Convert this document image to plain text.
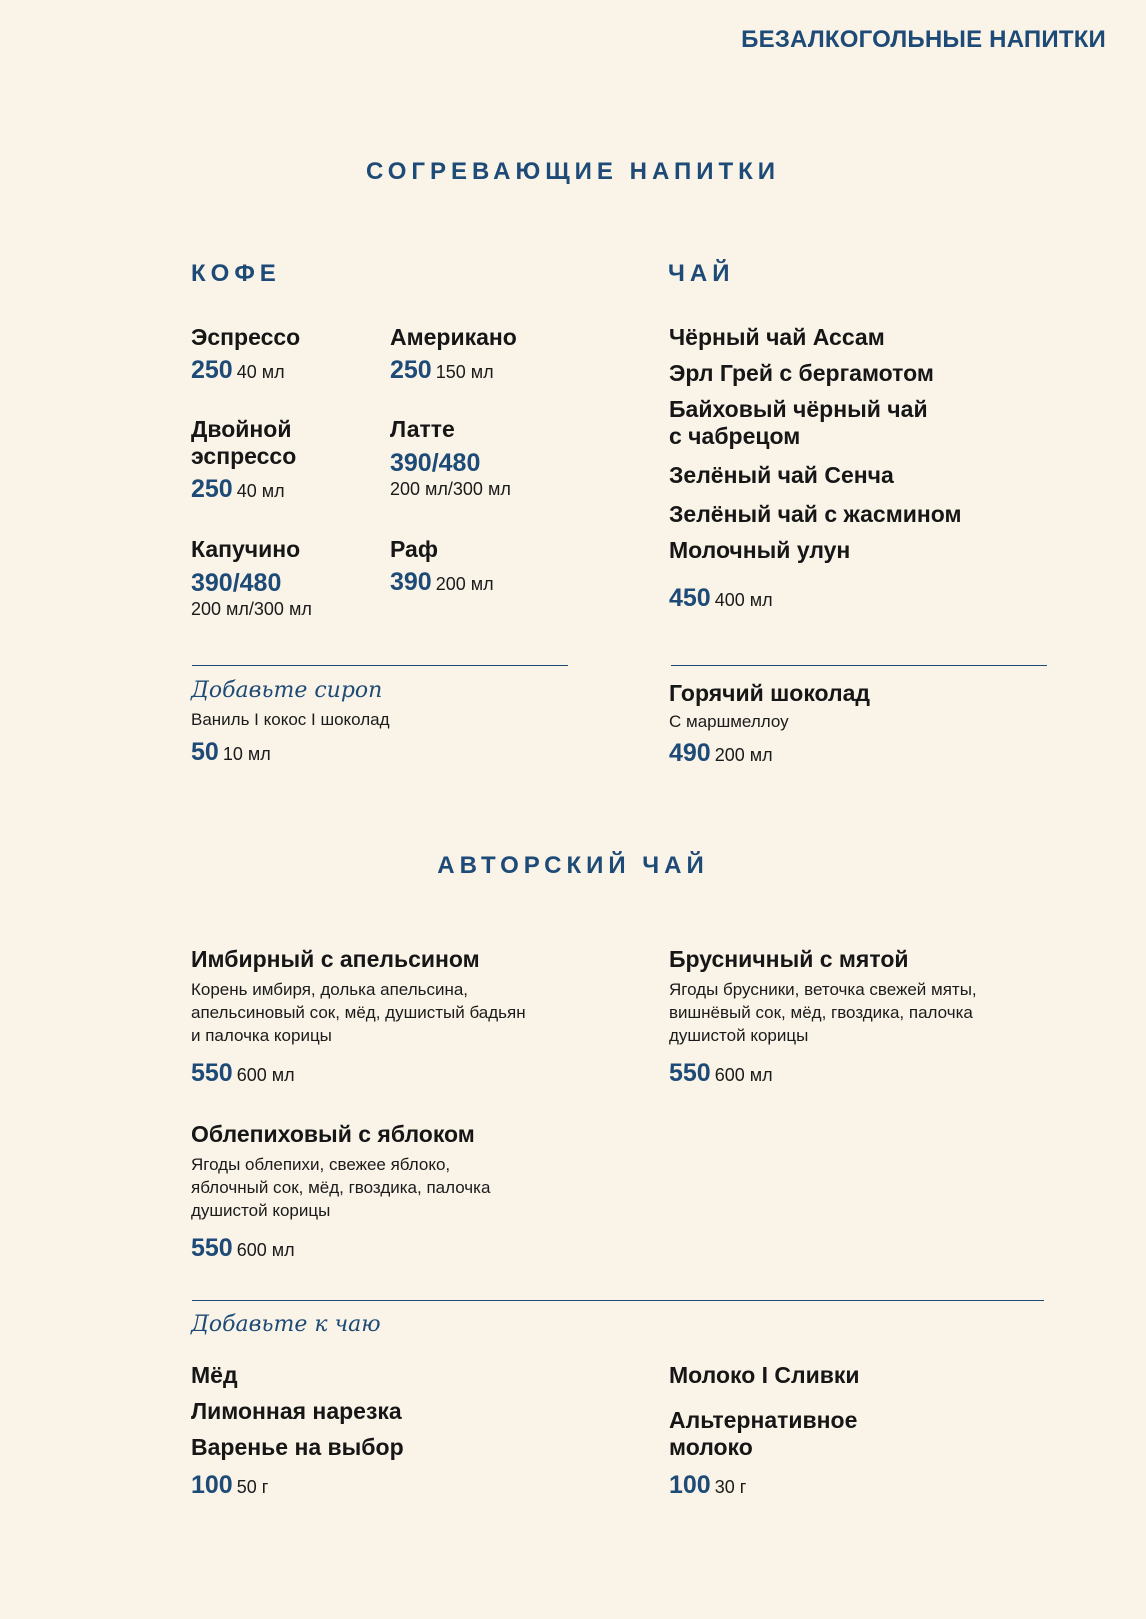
БЕЗАЛКОГОЛЬНЫЕ НАПИТКИ
СОГРЕВАЮЩИЕ НАПИТКИ
КОФЕ	ЧАЙ
Эспрессо
250 40 мл
Американо
250 150 мл
Двойной
эспрессо
250 40 мл
Латте
390/480
200 мл/300 мл
Капучино
390/480
200 мл/300 мл
Раф
390 200 мл
Чёрный чай Ассам
Эрл Грей с бергамотом
Байховый чёрный чай
с чабрецом
Зелёный чай Сенча
Зелёный чай с жасмином
Молочный улун
450 400 мл
Добавьте сироп
Ваниль I кокос I шоколад
50 10 мл
Горячий шоколад
С маршмеллоу
490 200 мл
АВТОРСКИЙ ЧАЙ
Имбирный с апельсином
Корень имбиря, долька апельсина,
апельсиновый сок, мёд, душистый бадьян
и палочка корицы
550 600 мл
Брусничный с мятой
Ягоды брусники, веточка свежей мяты,
вишнёвый сок, мёд, гвоздика, палочка
душистой корицы
550 600 мл
Облепиховый с яблоком
Ягоды облепихи, свежее яблоко,
яблочный сок, мёд, гвоздика, палочка
душистой корицы
550 600 мл
Добавьте к чаю
Мёд
Лимонная нарезка
Варенье на выбор
100 50 г
Молоко I Сливки
Альтернативное
молоко
100 30 г
